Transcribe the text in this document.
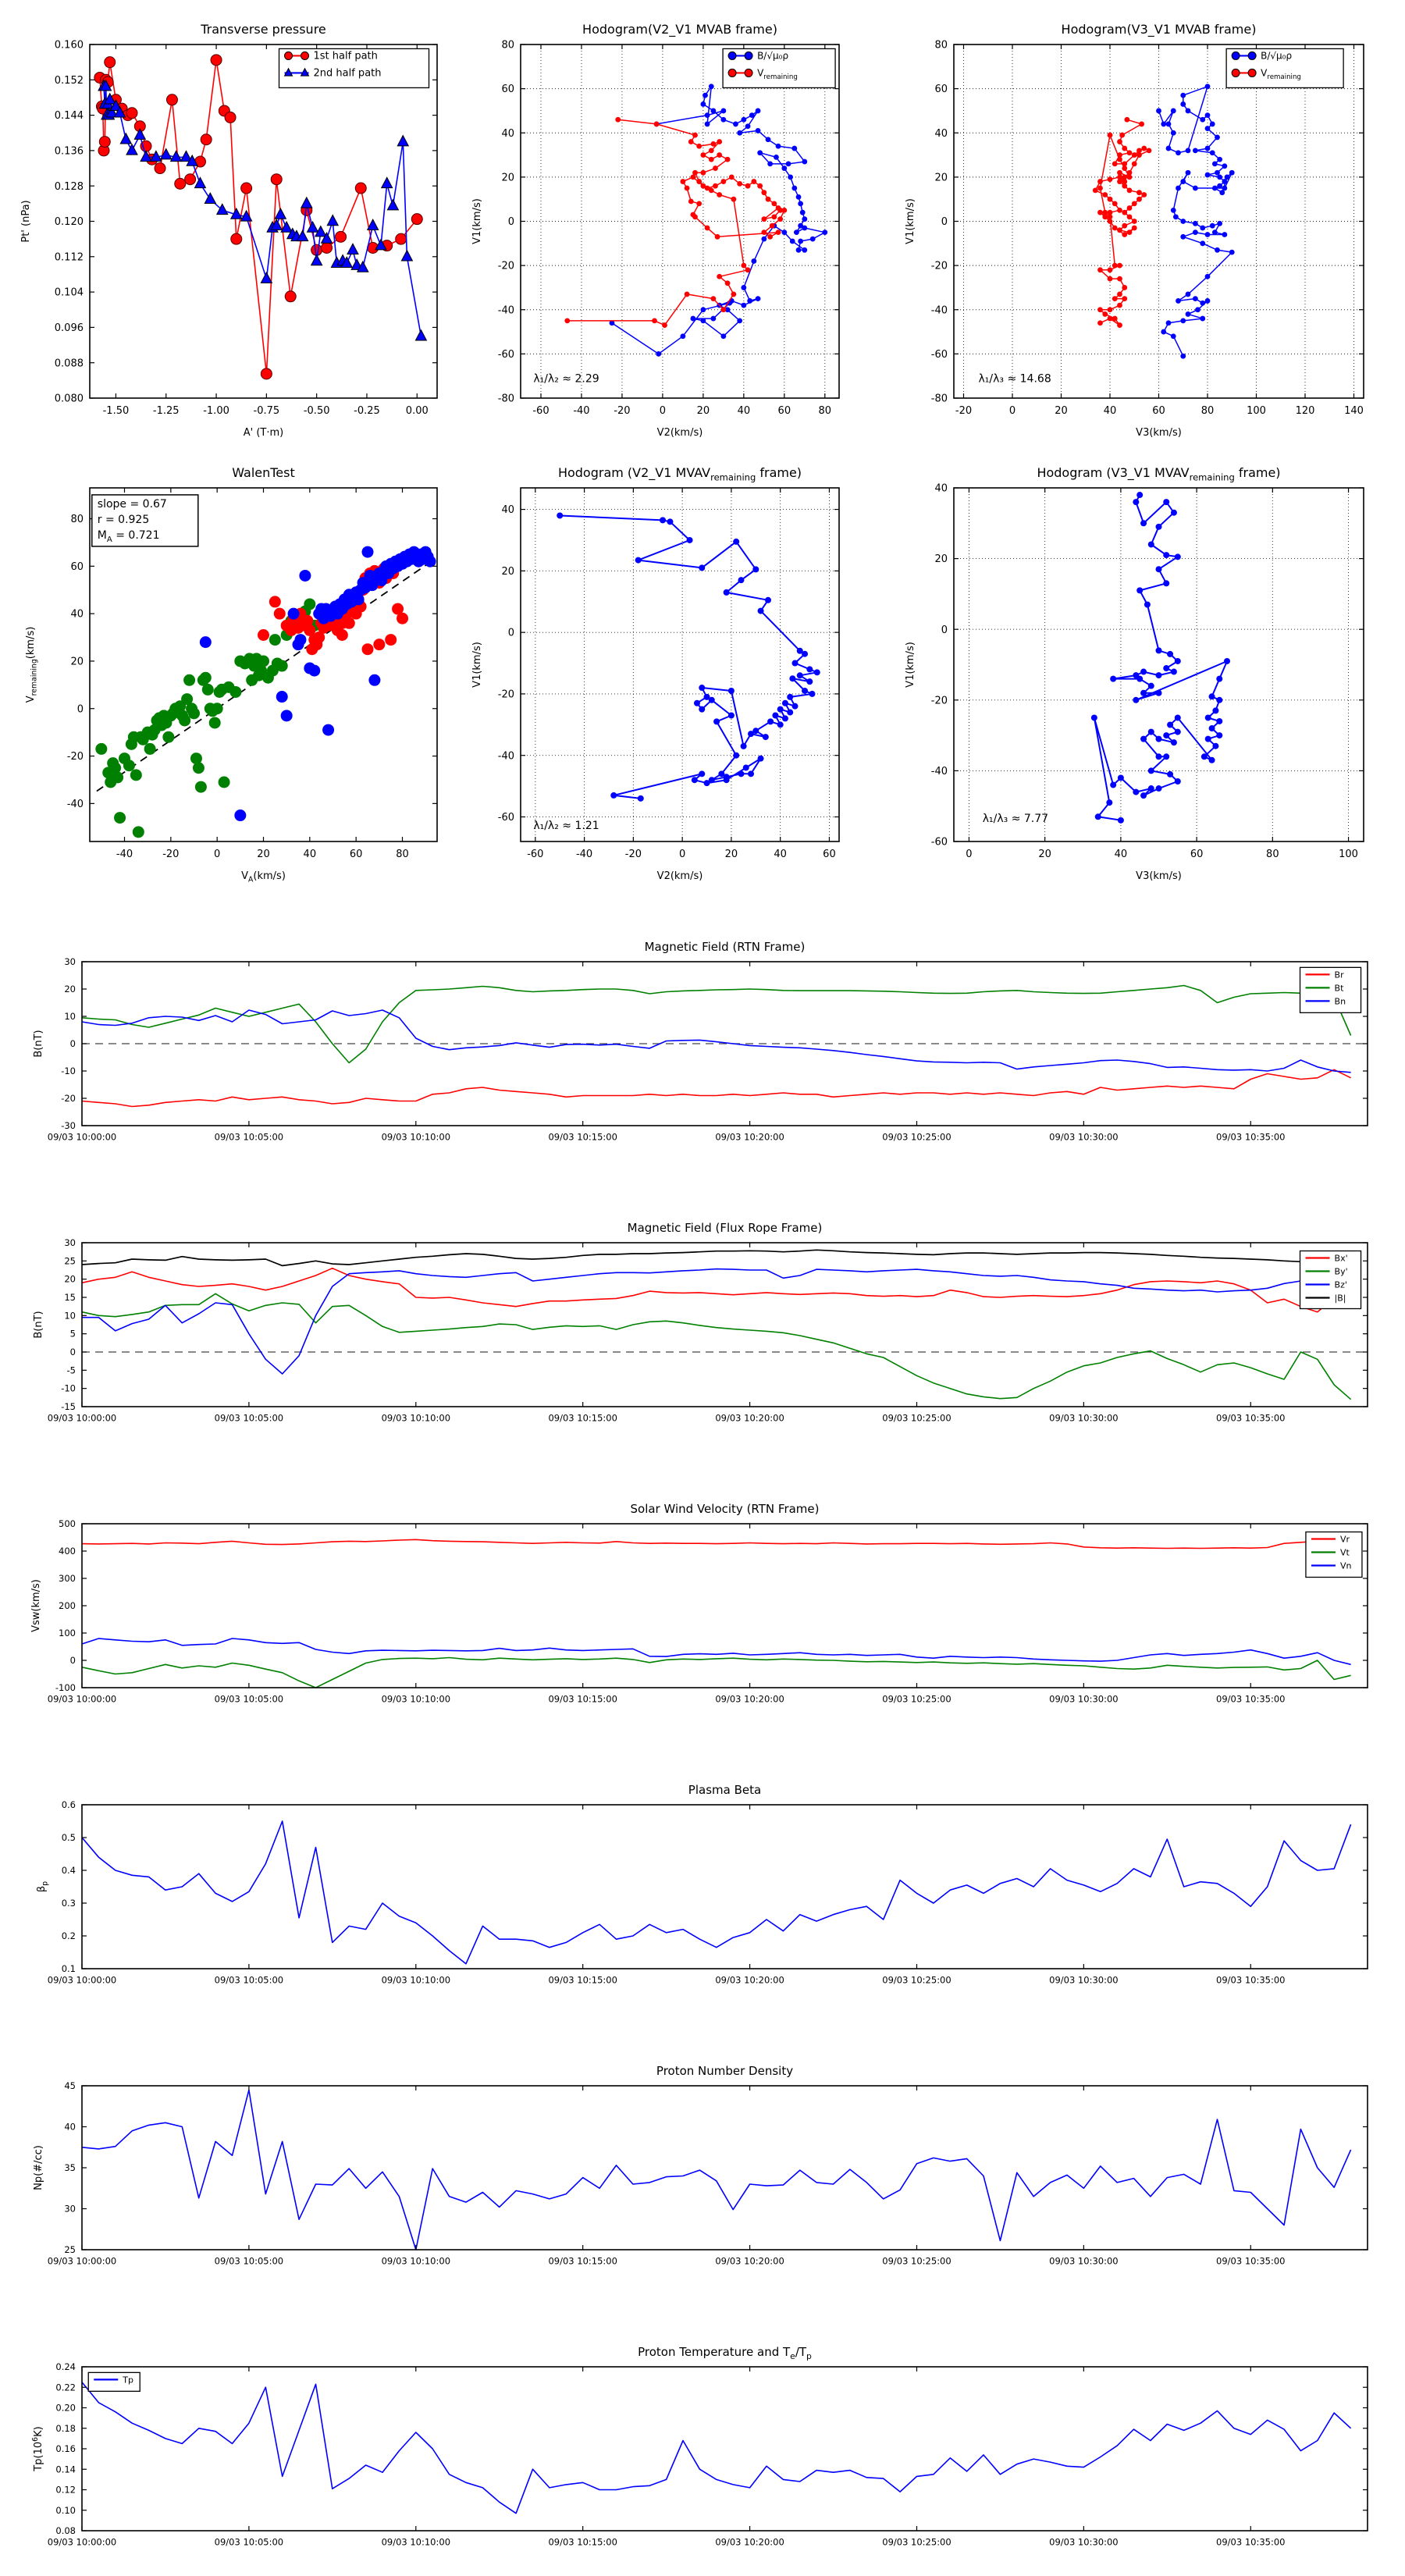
-1.50 -1.25 -1.00 -0.75 -0.50 -0.25	0.00
0.080
0.088
0.096
0.104
0.112
0.120
0.128
0.136
0.144
0.152
0.160
Transverse pressure
A' (T·m)
Pt' (nPa)
1st half path
2nd half path
-60 -40 -20	0	20	40	60	80
-80
-60
-40
-20
0
20
40
60
80
Hodogram(V2_V1 MVAB frame)
V2(km/s)
V1(km/s)
λ₁/λ₂ ≈ 2.29
B/√μ₀ρ
$V_{remaining}$
-20	0	20	40	60	80	100	120	140
-80
-60
-40
-20
0
20
40
60
80
Hodogram(V3_V1 MVAB frame)
V3(km/s)
V1(km/s)
λ₁/λ₃ ≈ 14.68
B/√μ₀ρ
$V_{remaining}$
-40	-20	0	20	40	60	80
-40
-20
0
20
40
60
80
WalenTest
$V_A(km/s)$
$V_{remaining}(km/s)$
slope = 0.67
r = 0.925
$M_A = 0.721$
-60	-40	-20	0	20	40	60
-60
-40
-20
0
20
40
Hodogram (V2_V1 $MVAV_{remaining}$ frame)
V2(km/s)
V1(km/s)
λ₁/λ₂ ≈ 1.21
0	20	40	60	80	100
-60
-40
-20
0
20
40
Hodogram (V3_V1 $MVAV_{remaining}$ frame)
V3(km/s)
V1(km/s)
λ₁/λ₃ ≈ 7.77
09/03 10:00:00	09/03 10:05:00	09/03 10:10:00	09/03 10:15:00	09/03 10:20:00	09/03 10:25:00	09/03 10:30:00	09/03 10:35:00
-30
-20
-10
0
10
20
30
Magnetic Field (RTN Frame)
B(nT)
Br
Bt
Bn
09/03 10:00:00	09/03 10:05:00	09/03 10:10:00	09/03 10:15:00	09/03 10:20:00	09/03 10:25:00	09/03 10:30:00	09/03 10:35:00
-15
-10
-5
0
5
10
15
20
25
30
Magnetic Field (Flux Rope Frame)
B(nT)
Bx'
By'
Bz'
|B|
09/03 10:00:00	09/03 10:05:00	09/03 10:10:00	09/03 10:15:00	09/03 10:20:00	09/03 10:25:00	09/03 10:30:00	09/03 10:35:00
-100
0
100
200
300
400
500
Solar Wind Velocity (RTN Frame)
Vsw(km/s)
Vr
Vt
Vn
09/03 10:00:00	09/03 10:05:00	09/03 10:10:00	09/03 10:15:00	09/03 10:20:00	09/03 10:25:00	09/03 10:30:00	09/03 10:35:00
0.1
0.2
0.3
0.4
0.5
0.6
Plasma Beta
$\beta_p$
09/03 10:00:00	09/03 10:05:00	09/03 10:10:00	09/03 10:15:00	09/03 10:20:00	09/03 10:25:00	09/03 10:30:00	09/03 10:35:00
25
30
35
40
45
Proton Number Density
Np(#/cc)
09/03 10:00:00	09/03 10:05:00	09/03 10:10:00	09/03 10:15:00	09/03 10:20:00	09/03 10:25:00	09/03 10:30:00	09/03 10:35:00
0.08
0.10
0.12
0.14
0.16
0.18
0.20
0.22
0.24
Proton Temperature and $T_e/T_p$
$Tp(10^6K)$
Tp
